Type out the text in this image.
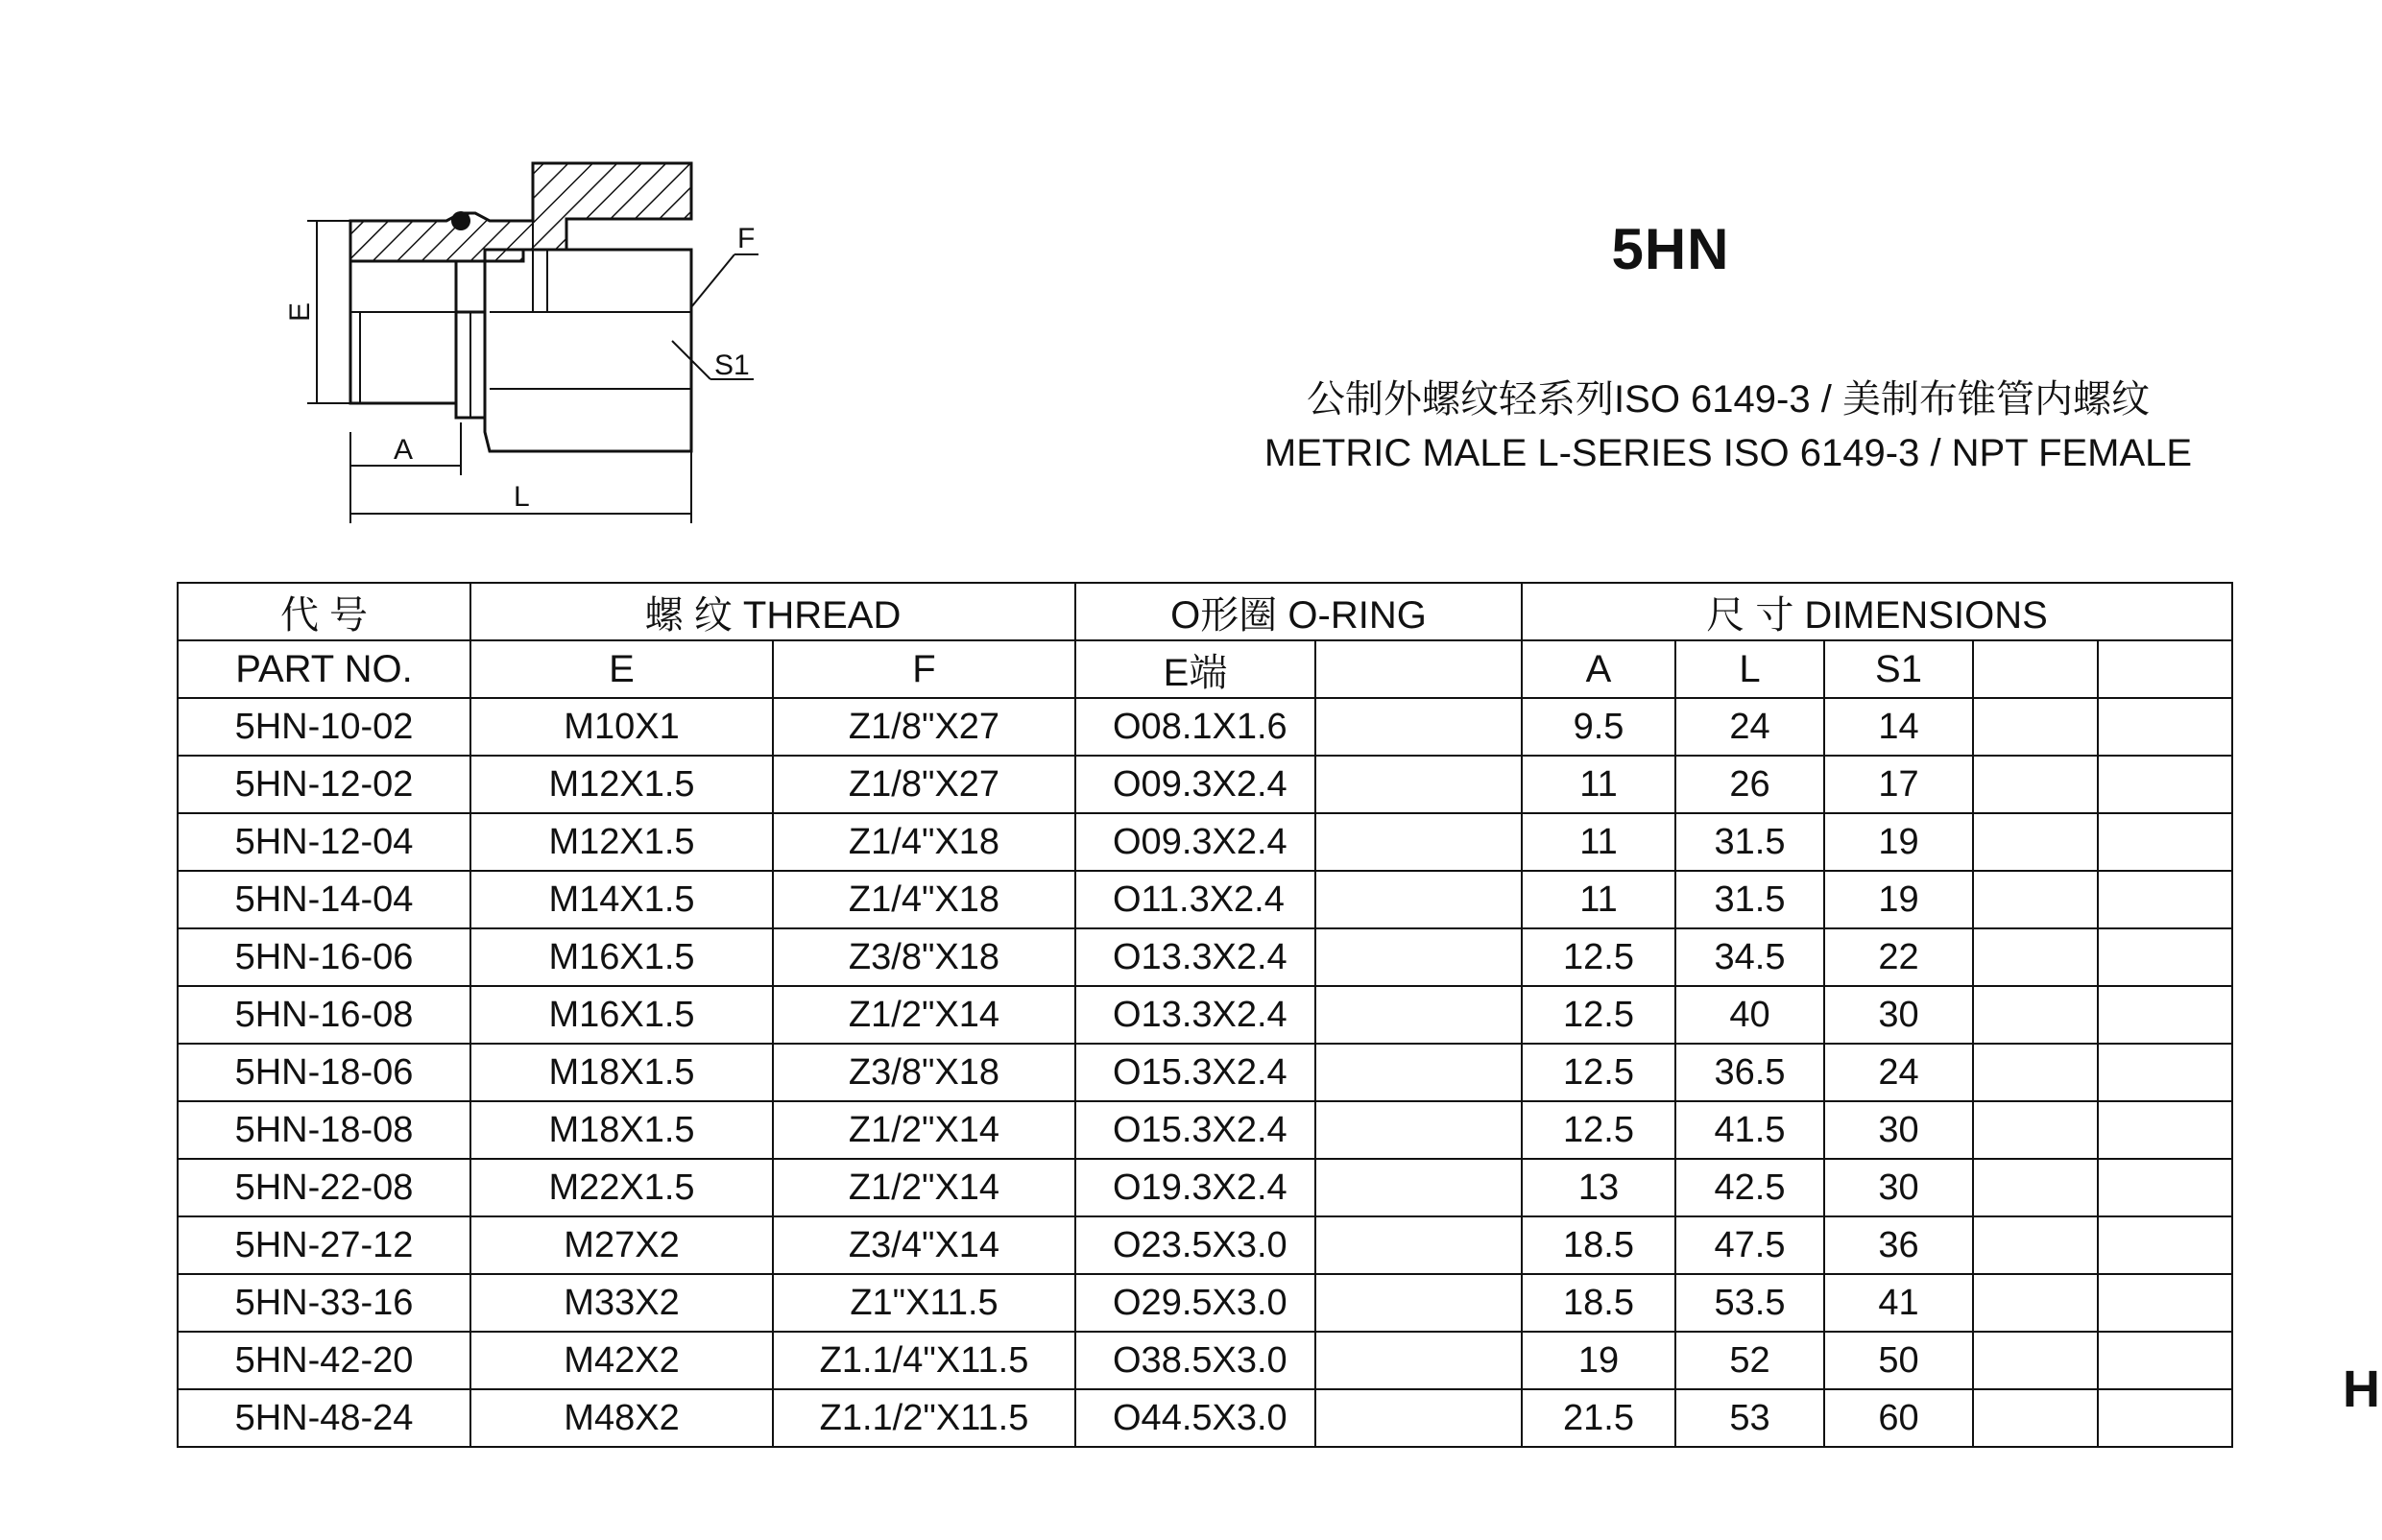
E
F
S1
A
L
5HN
公制外螺纹轻系列ISO 6149-3 / 美制布锥管内螺纹
METRIC MALE L-SERIES ISO 6149-3 / NPT FEMALE
代 号	螺 纹 THREAD		O形圈 O-RING		尺 寸 DIMENSIONS				
PART NO.	E	F	E端		A	L	S1		
5HN-10-02	M10X1	Z1/8"X27	O08.1X1.6		9.5	24	14		
5HN-12-02	M12X1.5	Z1/8"X27	O09.3X2.4		11	26	17		
5HN-12-04	M12X1.5	Z1/4"X18	O09.3X2.4		11	31.5	19		
5HN-14-04	M14X1.5	Z1/4"X18	O11.3X2.4		11	31.5	19		
5HN-16-06	M16X1.5	Z3/8"X18	O13.3X2.4		12.5	34.5	22		
5HN-16-08	M16X1.5	Z1/2"X14	O13.3X2.4		12.5	40	30		
5HN-18-06	M18X1.5	Z3/8"X18	O15.3X2.4		12.5	36.5	24		
5HN-18-08	M18X1.5	Z1/2"X14	O15.3X2.4		12.5	41.5	30		
5HN-22-08	M22X1.5	Z1/2"X14	O19.3X2.4		13	42.5	30		
5HN-27-12	M27X2	Z3/4"X14	O23.5X3.0		18.5	47.5	36		
5HN-33-16	M33X2	Z1"X11.5	O29.5X3.0		18.5	53.5	41		
5HN-42-20	M42X2	Z1.1/4"X11.5	O38.5X3.0		19	52	50		
5HN-48-24	M48X2	Z1.1/2"X11.5	O44.5X3.0		21.5	53	60			H
